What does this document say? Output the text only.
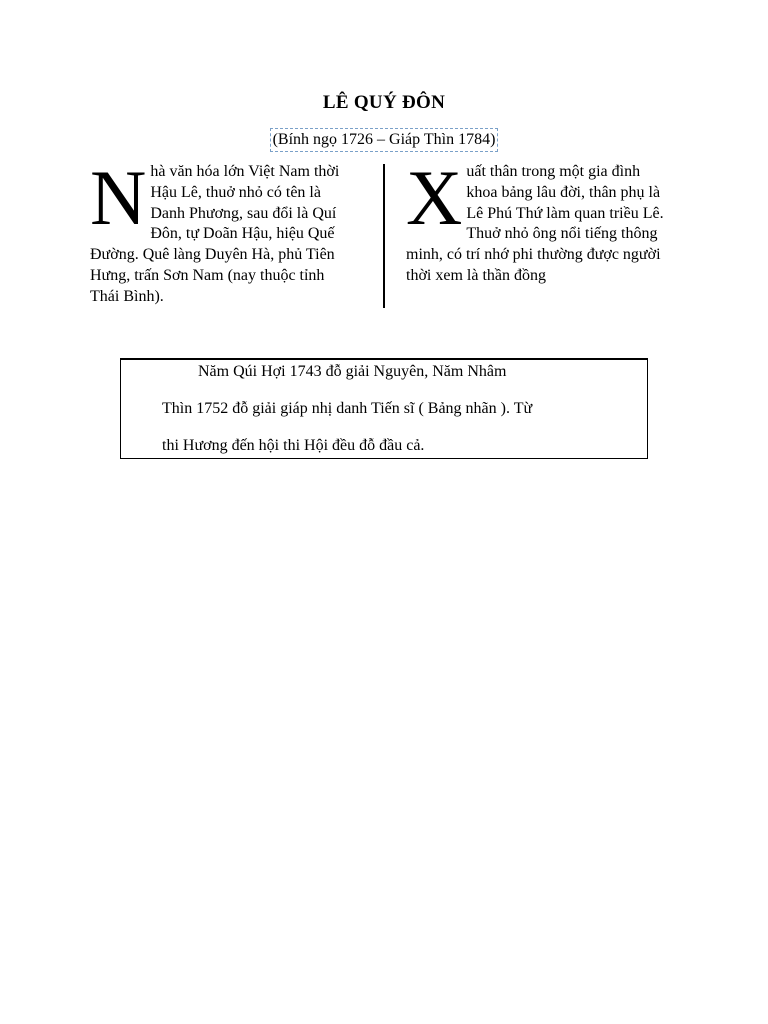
LÊ QUÝ ĐÔN
(Bính ngọ 1726 – Giáp Thìn 1784)
N hà văn hóa lớn Việt Nam thời Hậu Lê, thuở nhỏ có tên là Danh Phương, sau đổi là Quí Đôn, tự Doãn Hậu, hiệu Quế Đường. Quê làng Duyên Hà, phủ Tiên Hưng, trấn Sơn Nam (nay thuộc tỉnh Thái Bình).
X uất thân trong một gia đình khoa bảng lâu đời, thân phụ là Lê Phú Thứ làm quan triều Lê. Thuở nhỏ ông nổi tiếng thông minh, có trí nhớ phi thường được người thời xem là thần đồng
Năm Qúi Hợi 1743 đỗ giải Nguyên, Năm Nhâm
Thìn 1752 đỗ giải giáp nhị danh Tiến sĩ ( Bảng nhãn ). Từ
thi Hương đến hội thi Hội đều đỗ đầu cả.
